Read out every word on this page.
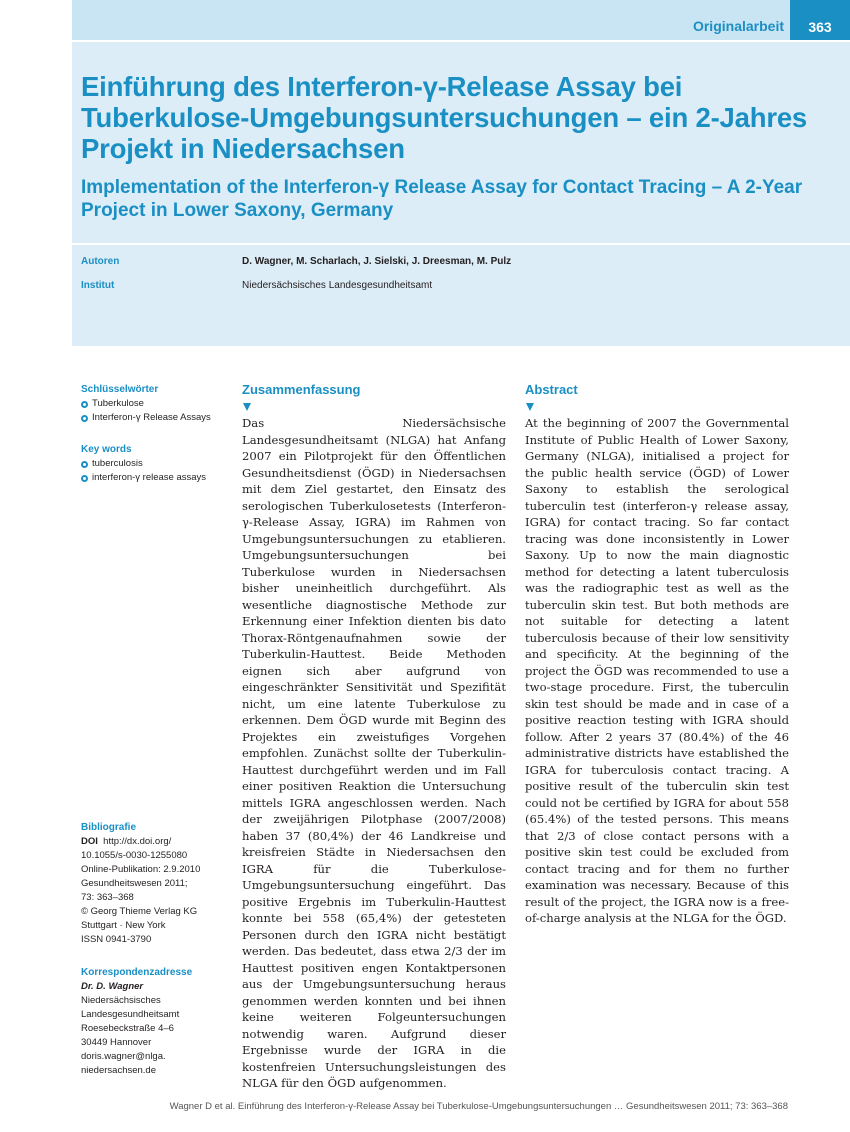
Originalarbeit	363
Einführung des Interferon-γ-Release Assay bei Tuberkulose-Umgebungsuntersuchungen – ein 2-Jahres Projekt in Niedersachsen
Implementation of the Interferon-γ Release Assay for Contact Tracing – A 2-Year Project in Lower Saxony, Germany
Autoren	D. Wagner, M. Scharlach, J. Sielski, J. Dreesman, M. Pulz
Institut	Niedersächsisches Landesgesundheitsamt
Schlüsselwörter
Tuberkulose
Interferon-γ Release Assays
Key words
tuberculosis
interferon-γ release assays
Bibliografie
DOI http://dx.doi.org/
10.1055/s-0030-1255080
Online-Publikation: 2.9.2010
Gesundheitswesen 2011;
73: 363–368
© Georg Thieme Verlag KG
Stuttgart · New York
ISSN 0941-3790
Korrespondenzadresse
Dr. D. Wagner
Niedersächsisches
Landesgesundheitsamt
Roesebeckstraße 4–6
30449 Hannover
doris.wagner@nlga.
niedersachsen.de
Zusammenfassung

Das Niedersächsische Landesgesundheitsamt (NLGA) hat Anfang 2007 ein Pilotprojekt für den Öffentlichen Gesundheitsdienst (ÖGD) in Niedersachsen mit dem Ziel gestartet, den Einsatz des serologischen Tuberkulosetests (Interferon-γ-Release Assay, IGRA) im Rahmen von Umgebungsuntersuchungen zu etablieren. Umgebungsuntersuchungen bei Tuberkulose wurden in Niedersachsen bisher uneinheitlich durchgeführt. Als wesentliche diagnostische Methode zur Erkennung einer Infektion dienten bis dato Thorax-Röntgenaufnahmen sowie der Tuberkulin-Hauttest. Beide Methoden eignen sich aber aufgrund von eingeschränkter Sensitivität und Spezifität nicht, um eine latente Tuberkulose zu erkennen. Dem ÖGD wurde mit Beginn des Projektes ein zweistufiges Vorgehen empfohlen. Zunächst sollte der Tuberkulin-Hauttest durchgeführt werden und im Fall einer positiven Reaktion die Untersuchung mittels IGRA angeschlossen werden. Nach der zweijährigen Pilotphase (2007/2008) haben 37 (80,4%) der 46 Landkreise und kreisfreien Städte in Niedersachsen den IGRA für die Tuberkulose-Umgebungsuntersuchung eingeführt. Das positive Ergebnis im Tuberkulin-Hauttest konnte bei 558 (65,4%) der getesteten Personen durch den IGRA nicht bestätigt werden. Das bedeutet, dass etwa 2/3 der im Hauttest positiven engen Kontaktpersonen aus der Umgebungsuntersuchung heraus genommen werden konnten und bei ihnen keine weiteren Folgeuntersuchungen notwendig waren. Aufgrund dieser Ergebnisse wurde der IGRA in die kostenfreien Untersuchungsleistungen des NLGA für den ÖGD aufgenommen.

Abstract

At the beginning of 2007 the Governmental Institute of Public Health of Lower Saxony, Germany (NLGA), initialised a project for the public health service (ÖGD) of Lower Saxony to establish the serological tuberculin test (interferon-γ release assay, IGRA) for contact tracing. So far contact tracing was done inconsistently in Lower Saxony. Up to now the main diagnostic method for detecting a latent tuberculosis was the radiographic test as well as the tuberculin skin test. But both methods are not suitable for detecting a latent tuberculosis because of their low sensitivity and specificity. At the beginning of the project the ÖGD was recommended to use a two-stage procedure. First, the tuberculin skin test should be made and in case of a positive reaction testing with IGRA should follow. After 2 years 37 (80.4%) of the 46 administrative districts have established the IGRA for tuberculosis contact tracing. A positive result of the tuberculin skin test could not be certified by IGRA for about 558 (65.4%) of the tested persons. This means that 2/3 of close contact persons with a positive skin test could be excluded from contact tracing and for them no further examination was necessary. Because of this result of the project, the IGRA now is a free-of-charge analysis at the NLGA for the ÖGD.

Wagner D et al. Einführung des Interferon-γ-Release Assay bei Tuberkulose-Umgebungsuntersuchungen … Gesundheitswesen 2011; 73: 363–368
